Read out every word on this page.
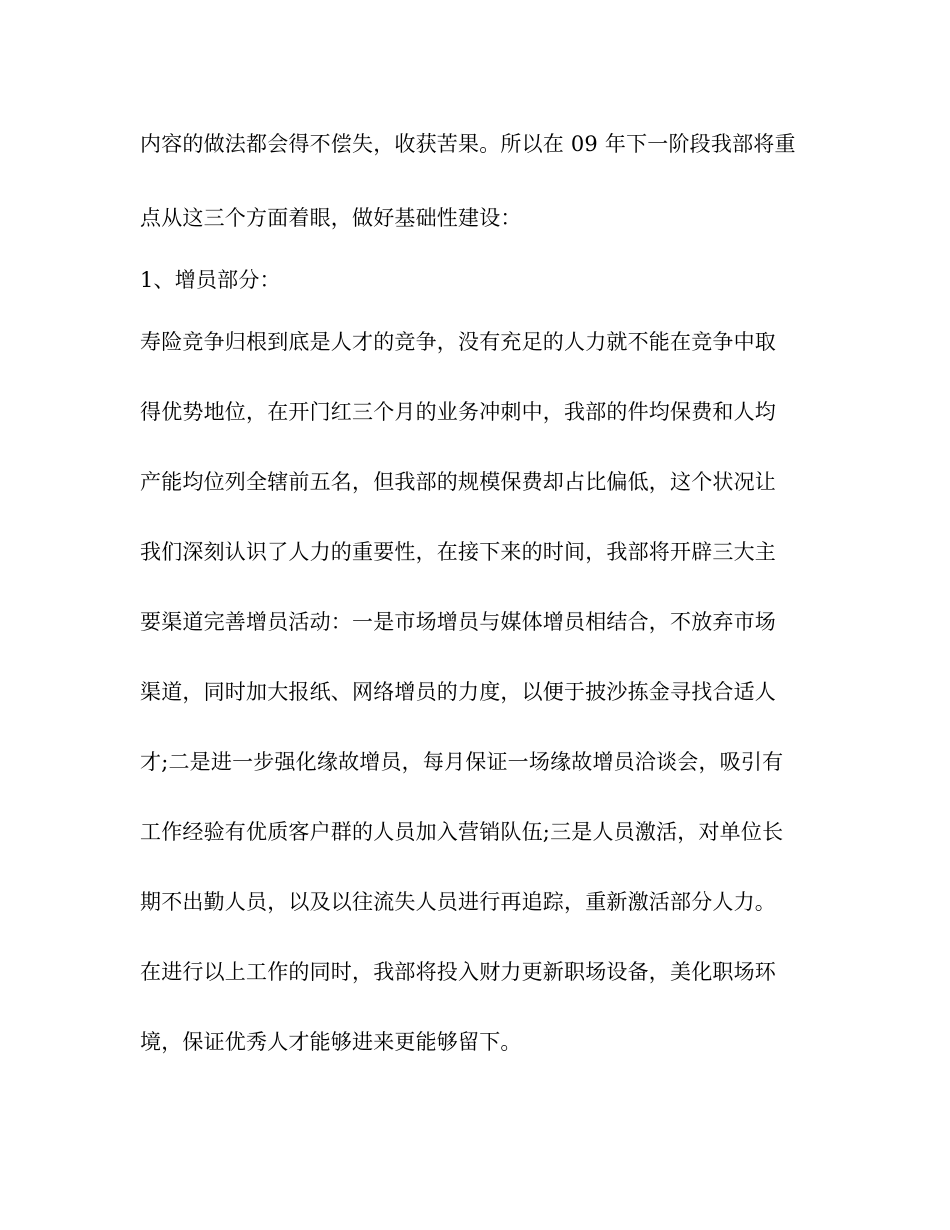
内容的做法都会得不偿失，收获苦果。所以在 09 年下一阶段我部将重
点从这三个方面着眼，做好基础性建设：
1、增员部分：
寿险竞争归根到底是人才的竞争，没有充足的人力就不能在竞争中取
得优势地位，在开门红三个月的业务冲刺中，我部的件均保费和人均
产能均位列全辖前五名，但我部的规模保费却占比偏低，这个状况让
我们深刻认识了人力的重要性，在接下来的时间，我部将开辟三大主
要渠道完善增员活动：一是市场增员与媒体增员相结合，不放弃市场
渠道，同时加大报纸、网络增员的力度，以便于披沙拣金寻找合适人
才;二是进一步强化缘故增员，每月保证一场缘故增员洽谈会，吸引有
工作经验有优质客户群的人员加入营销队伍;三是人员激活，对单位长
期不出勤人员，以及以往流失人员进行再追踪，重新激活部分人力。
在进行以上工作的同时，我部将投入财力更新职场设备，美化职场环
境，保证优秀人才能够进来更能够留下。
